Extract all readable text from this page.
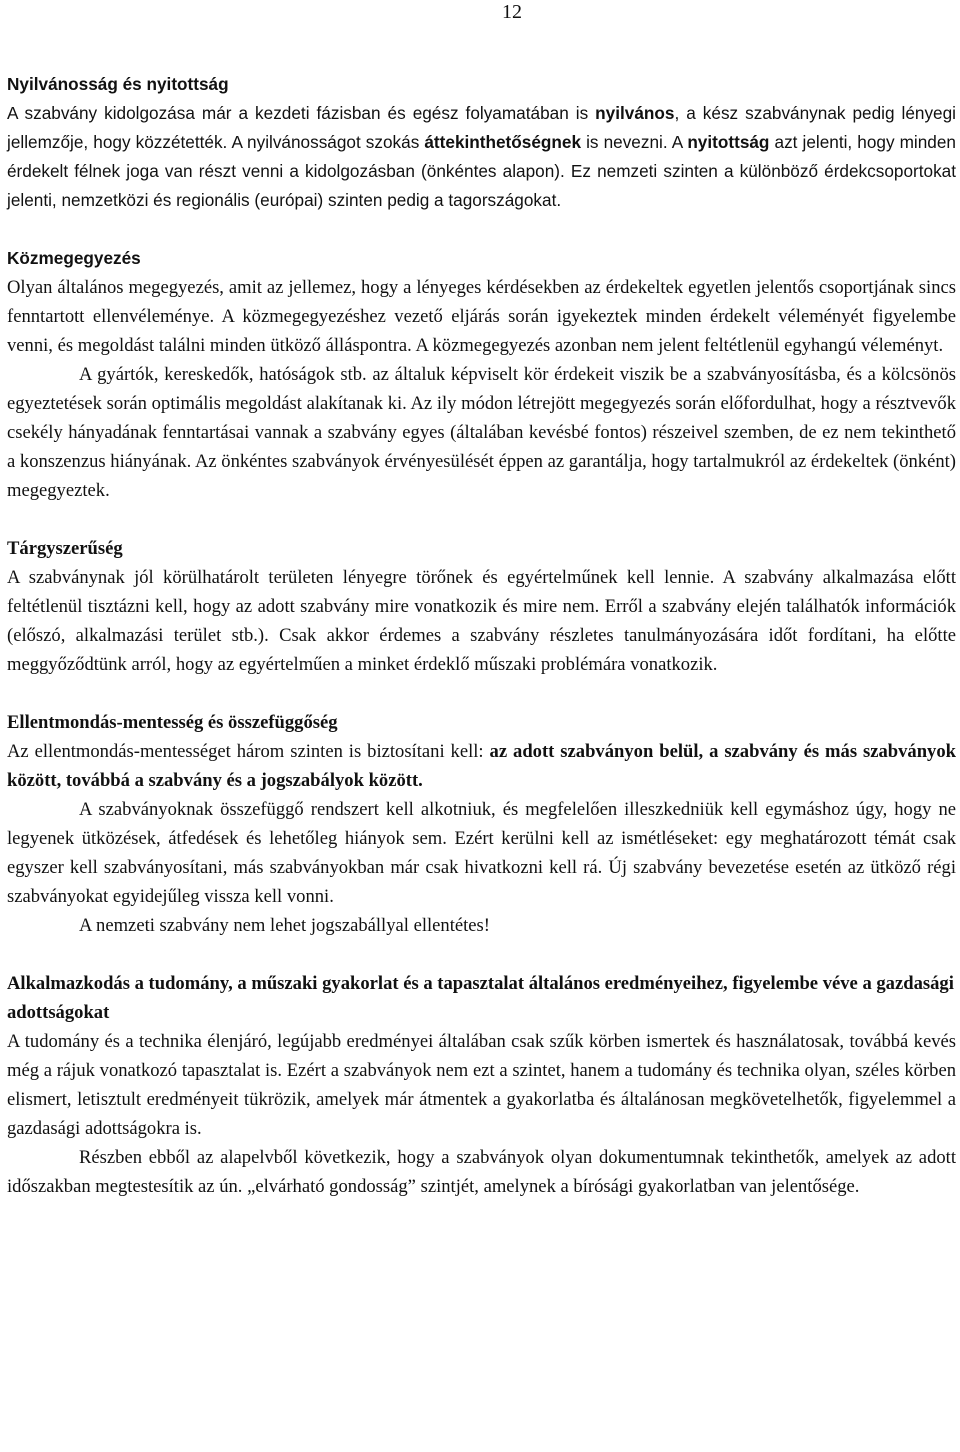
12
Nyilvánosság és nyitottság

A szabvány kidolgozása már a kezdeti fázisban és egész folyamatában is nyilvános, a kész szabványnak pedig lényegi jellemzője, hogy közzétették. A nyilvánosságot szokás áttekinthetőségnek is nevezni. A nyitottság azt jelenti, hogy minden érdekelt félnek joga van részt venni a kidolgozásban (önkéntes alapon). Ez nemzeti szinten a különböző érdekcsoportokat jelenti, nemzetközi és regionális (európai) szinten pedig a tagországokat.

Közmegegyezés

Olyan általános megegyezés, amit az jellemez, hogy a lényeges kérdésekben az érdekeltek egyetlen jelentős csoportjának sincs fenntartott ellenvéleménye. A közmegegyezéshez vezető eljárás során igyekeztek minden érdekelt véleményét figyelembe venni, és megoldást találni minden ütköző álláspontra. A közmegegyezés azonban nem jelent feltétlenül egyhangú véleményt.

A gyártók, kereskedők, hatóságok stb. az általuk képviselt kör érdekeit viszik be a szabványosításba, és a kölcsönös egyeztetések során optimális megoldást alakítanak ki. Az ily módon létrejött megegyezés során előfordulhat, hogy a résztvevők csekély hányadának fenntartásai vannak a szabvány egyes (általában kevésbé fontos) részeivel szemben, de ez nem tekinthető a konszenzus hiányának. Az önkéntes szabványok érvényesülését éppen az garantálja, hogy tartalmukról az érdekeltek (önként) megegyeztek.

Tárgyszerűség

A szabványnak jól körülhatárolt területen lényegre törőnek és egyértelműnek kell lennie. A szabvány alkalmazása előtt feltétlenül tisztázni kell, hogy az adott szabvány mire vonatkozik és mire nem. Erről a szabvány elején találhatók információk (előszó, alkalmazási terület stb.). Csak akkor érdemes a szabvány részletes tanulmányozására időt fordítani, ha előtte meggyőződtünk arról, hogy az egyértelműen a minket érdeklő műszaki problémára vonatkozik.

Ellentmondás-mentesség és összefüggőség

Az ellentmondás-mentességet három szinten is biztosítani kell: az adott szabványon belül, a szabvány és más szabványok között, továbbá a szabvány és a jogszabályok között.

A szabványoknak összefüggő rendszert kell alkotniuk, és megfelelően illeszkedniük kell egymáshoz úgy, hogy ne legyenek ütközések, átfedések és lehetőleg hiányok sem. Ezért kerülni kell az ismétléseket: egy meghatározott témát csak egyszer kell szabványosítani, más szabványokban már csak hivatkozni kell rá. Új szabvány bevezetése esetén az ütköző régi szabványokat egyidejűleg vissza kell vonni.

A nemzeti szabvány nem lehet jogszabállyal ellentétes!

Alkalmazkodás a tudomány, a műszaki gyakorlat és a tapasztalat általános eredményeihez, figyelembe véve a gazdasági adottságokat

A tudomány és a technika élenjáró, legújabb eredményei általában csak szűk körben ismertek és használatosak, továbbá kevés még a rájuk vonatkozó tapasztalat is. Ezért a szabványok nem ezt a szintet, hanem a tudomány és technika olyan, széles körben elismert, letisztult eredményeit tükrözik, amelyek már átmentek a gyakorlatba és általánosan megkövetelhetők, figyelemmel a gazdasági adottságokra is.

Részben ebből az alapelvből következik, hogy a szabványok olyan dokumentumnak tekinthetők, amelyek az adott időszakban megtestesítik az ún. „elvárható gondosság” szintjét, amelynek a bírósági gyakorlatban van jelentősége.
